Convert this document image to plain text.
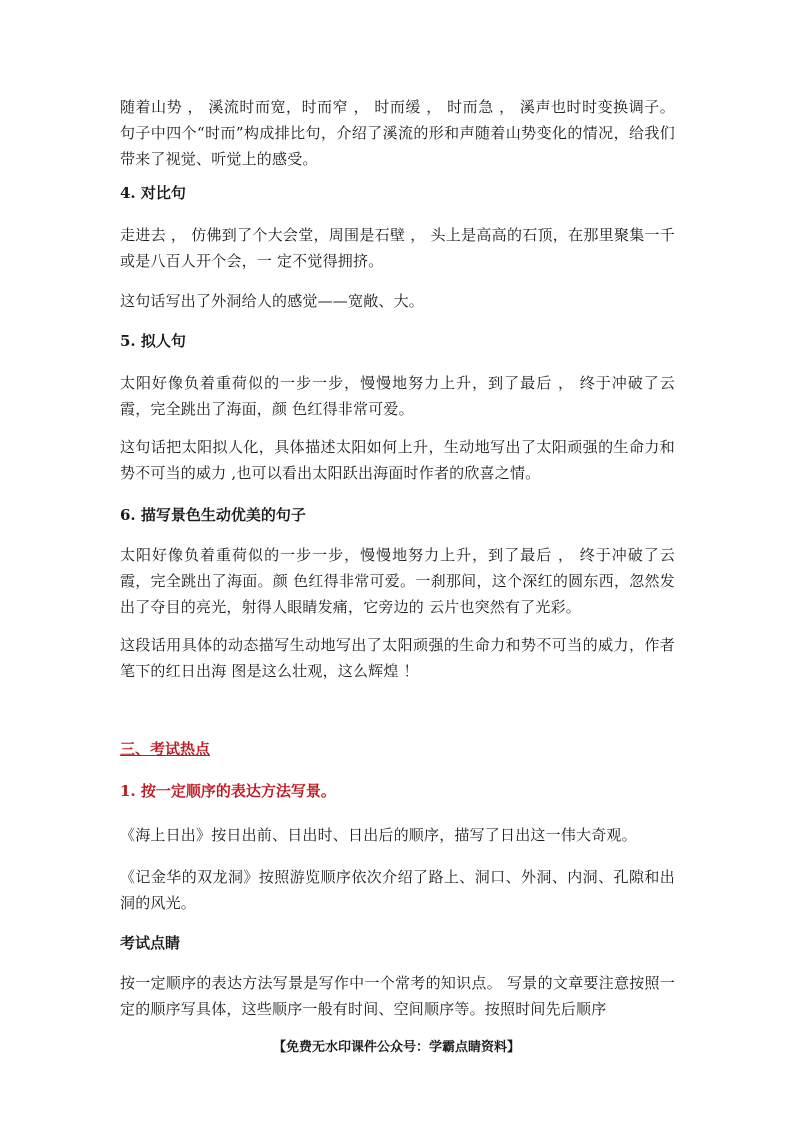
随着山势 ， 溪流时而宽，时而窄 ， 时而缓 ， 时而急 ， 溪声也时时变换调子。句子中四个“时而”构成排比句，介绍了溪流的形和声随着山势变化的情况，给我们带来了视觉、听觉上的感受。

4. 对比句

走进去 ， 仿佛到了个大会堂，周围是石壁 ， 头上是高高的石顶，在那里聚集一千或是八百人开个会，一 定不觉得拥挤。

这句话写出了外洞给人的感觉——宽敞、大。

5. 拟人句

太阳好像负着重荷似的一步一步，慢慢地努力上升，到了最后 ， 终于冲破了云霞，完全跳出了海面，颜 色红得非常可爱。

这句话把太阳拟人化，具体描述太阳如何上升，生动地写出了太阳顽强的生命力和势不可当的威力 ,也可以看出太阳跃出海面时作者的欣喜之情。

6. 描写景色生动优美的句子

太阳好像负着重荷似的一步一步，慢慢地努力上升，到了最后 ， 终于冲破了云霞，完全跳出了海面。颜 色红得非常可爱。一刹那间，这个深红的圆东西，忽然发出了夺目的亮光，射得人眼睛发痛，它旁边的 云片也突然有了光彩。

这段话用具体的动态描写生动地写出了太阳顽强的生命力和势不可当的威力，作者笔下的红日出海 图是这么壮观，这么辉煌 ！

三、考试热点
1. 按一定顺序的表达方法写景。

《海上日出》按日出前、日出时、日出后的顺序，描写了日出这一伟大奇观。

《记金华的双龙洞》按照游览顺序依次介绍了路上、洞口、外洞、内洞、孔隙和出洞的风光。

考试点睛

按一定顺序的表达方法写景是写作中一个常考的知识点。 写景的文章要注意按照一定的顺序写具体，这些顺序一般有时间、空间顺序等。按照时间先后顺序

【免费无水印课件公众号：学霸点睛资料】
